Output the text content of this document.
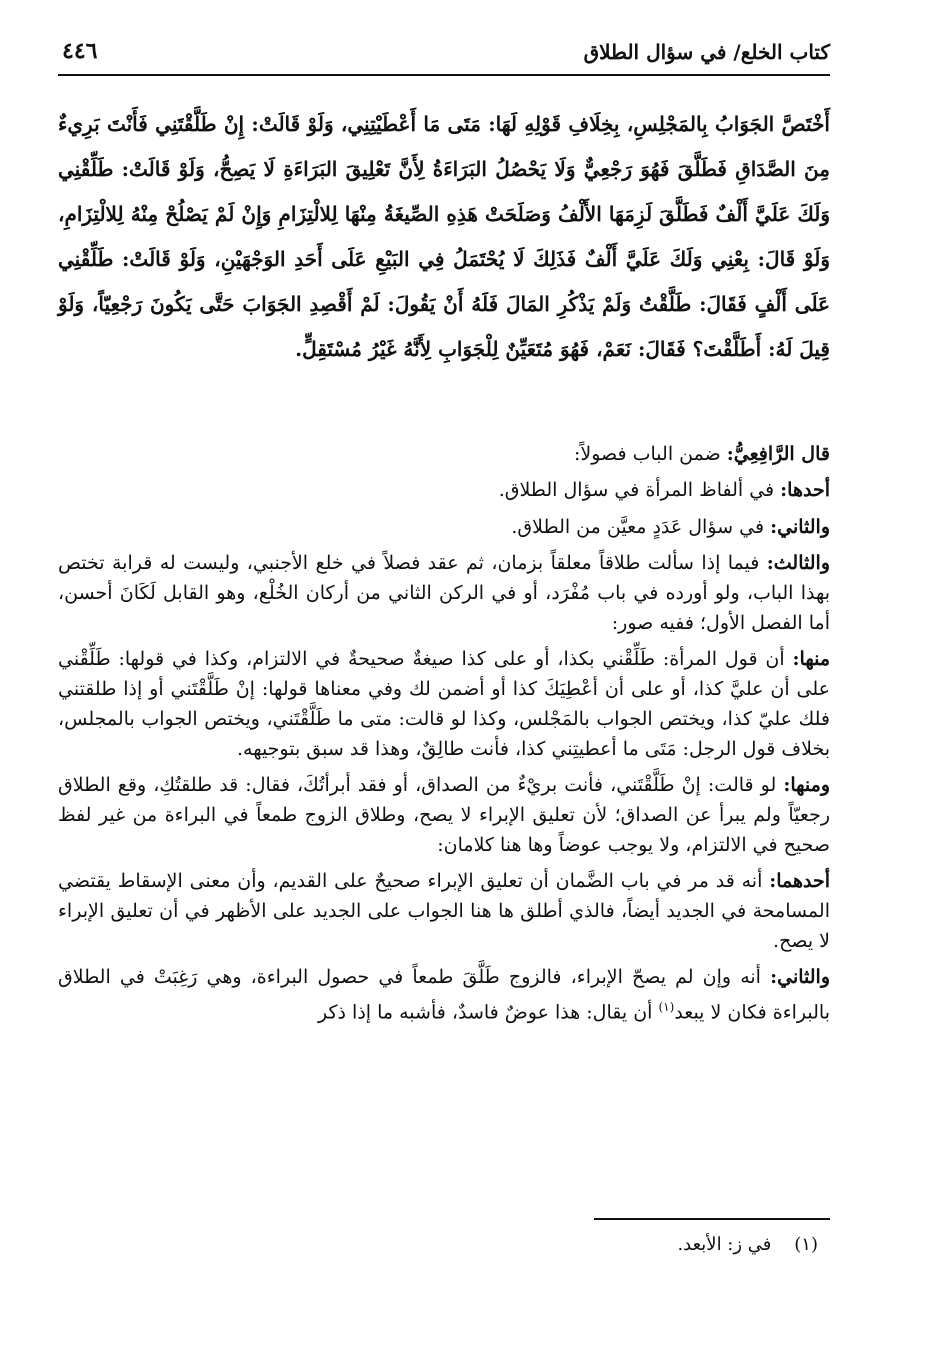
كتاب الخلع/ في سؤال الطلاق
٤٤٦

أَخْتَصَّ الجَوَابُ بِالمَجْلِسِ، بِخِلَافِ قَوْلِهِ لَهَا: مَتَى مَا أَعْطَيْتِنِي، وَلَوْ قَالَتْ: إِنْ طَلَّقْتَنِي فَأَنْتَ بَرِيءٌ مِنَ الصَّدَاقِ فَطَلَّقَ فَهُوَ رَجْعِيٌّ وَلَا يَحْصُلُ البَرَاءَةُ لِأَنَّ تَعْلِيقَ البَرَاءَةِ لَا يَصِحُّ، وَلَوْ قَالَتْ: طَلِّقْنِي وَلَكَ عَلَيَّ أَلْفٌ فَطَلَّقَ لَزِمَهَا الأَلْفُ وَصَلَحَتْ هَذِهِ الصِّيغَةُ مِنْهَا لِلالْتِزَامِ وَإِنْ لَمْ يَصْلُحْ مِنْهُ لِلالْتِزَامِ، وَلَوْ قَالَ: بِعْنِي وَلَكَ عَلَيَّ أَلْفٌ فَذَلِكَ لَا يُحْتَمَلُ فِي البَيْعِ عَلَى أَحَدِ الوَجْهَيْنِ، وَلَوْ قَالَتْ: طَلِّقْنِي عَلَى أَلْفٍ فَقَالَ: طَلَّقْتُ وَلَمْ يَذْكُرِ المَالَ فَلَهُ أَنْ يَقُولَ: لَمْ أَقْصِدِ الجَوَابَ حَتَّى يَكُونَ رَجْعِيّاً، وَلَوْ قِيلَ لَهُ: أَطَلَّقْتَ؟ فَقَالَ: نَعَمْ، فَهُوَ مُتَعَيِّنٌ لِلْجَوَابِ لِأَنَّهُ غَيْرُ مُسْتَقِلٍّ.

قال الرَّافِعِيُّ: ضمن الباب فصولاً:

أحدها: في ألفاظ المرأة في سؤال الطلاق.

والثاني: في سؤال عَدَدٍ معيَّن من الطلاق.

والثالث: فيما إذا سألت طلاقاً معلقاً بزمان، ثم عقد فصلاً في خلع الأجنبي، وليست له قرابة تختص بهذا الباب، ولو أورده في باب مُفْرَد، أو في الركن الثاني من أركان الخُلْع، وهو القابل لَكَانَ أحسن، أما الفصل الأول؛ ففيه صور:

منها: أن قول المرأة: طَلِّقْني بكذا، أو على كذا صيغةٌ صحيحةٌ في الالتزام، وكذا في قولها: طَلِّقْني على أن عليَّ كذا، أو على أن أعْطِيَكَ كذا أو أضمن لك وفي معناها قولها: إنْ طَلَّقْتَني أو إذا طلقتني فلك عليّ كذا، ويختص الجواب بالمَجْلس، وكذا لو قالت: متى ما طَلَّقْتَني، ويختص الجواب بالمجلس، بخلاف قول الرجل: مَتَى ما أعطيتِني كذا، فأنت طالِقٌ، وهذا قد سبق بتوجيهه.

ومنها: لو قالت: إنْ طَلَّقْتَني، فأنت بريْءٌ من الصداق، أو فقد أبرأتُكَ، فقال: قد طلقتُكِ، وقع الطلاق رجعيّاً ولم يبرأ عن الصداق؛ لأن تعليق الإبراء لا يصح، وطلاق الزوج طمعاً في البراءة من غير لفظ صحيح في الالتزام، ولا يوجب عوضاً وها هنا كلامان:

أحدهما: أنه قد مر في باب الضَّمان أن تعليق الإبراء صحيحٌ على القديم، وأن معنى الإسقاط يقتضي المسامحة في الجديد أيضاً، فالذي أطلق ها هنا الجواب على الجديد على الأظهر في أن تعليق الإبراء لا يصح.

والثاني: أنه وإن لم يصحّ الإبراء، فالزوج طَلَّقَ طمعاً في حصول البراءة، وهي رَغِبَتْ في الطلاق بالبراءة فكان لا يبعد$^{(١)}$ أن يقال: هذا عوضٌ فاسدٌ، فأشبه ما إذا ذكر

(١)    في ز: الأبعد.
